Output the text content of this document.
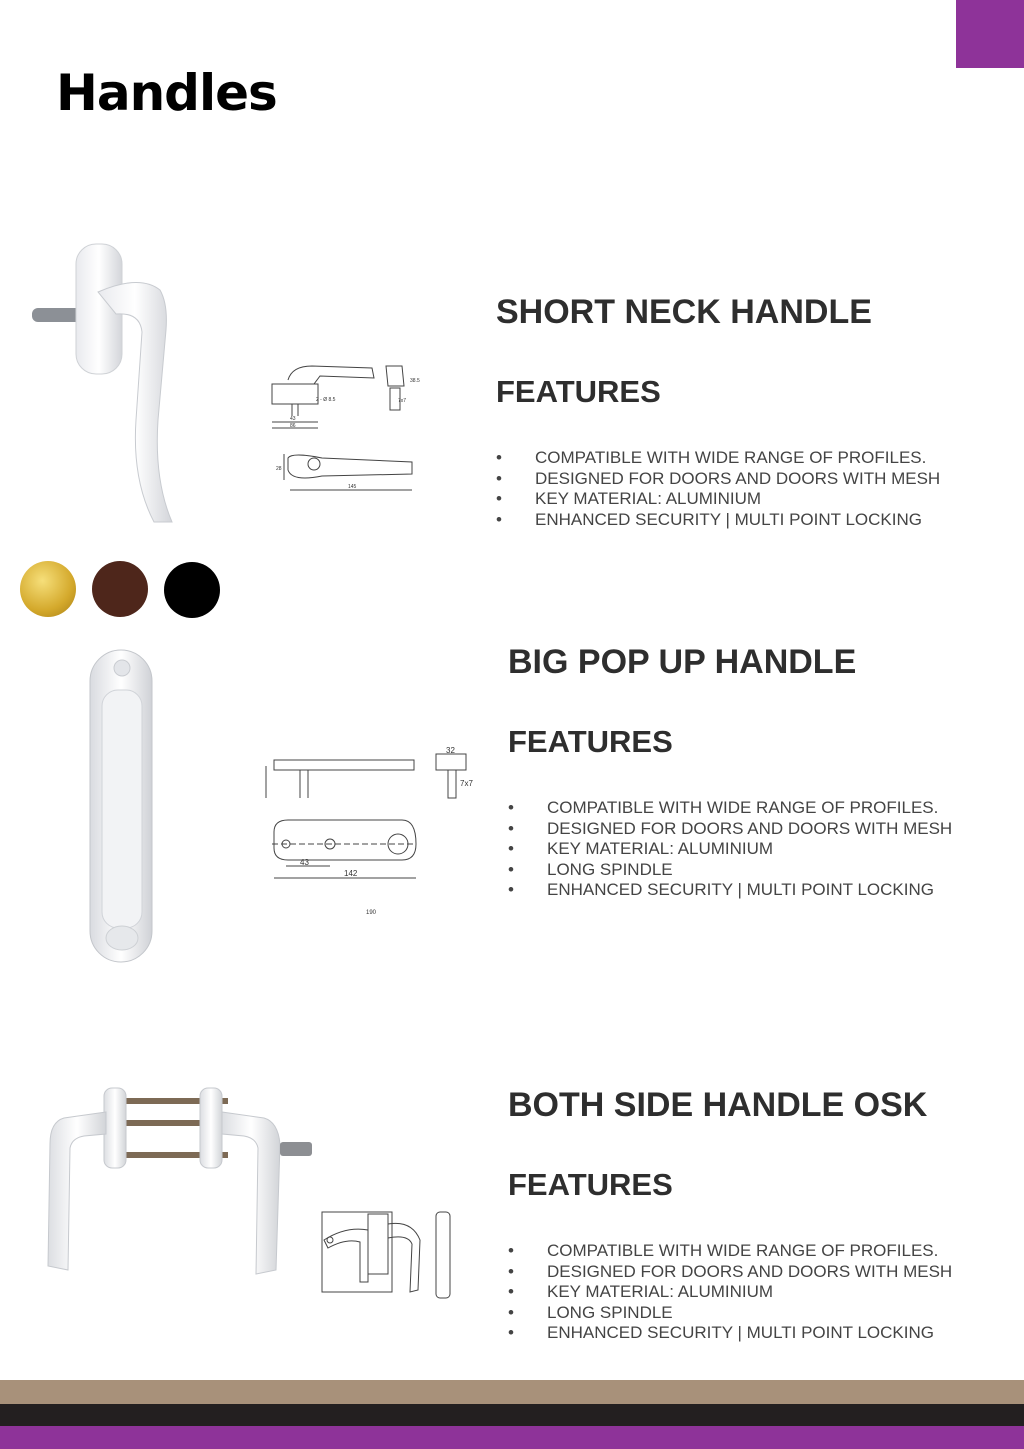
Handles
2 - Ø 8.5
38.5
43
86
7x7
28
145
SHORT NECK HANDLE
FEATURES
• COMPATIBLE WITH WIDE RANGE OF PROFILES.
• DESIGNED FOR DOORS AND DOORS WITH MESH
• KEY MATERIAL: ALUMINIUM
• ENHANCED SECURITY | MULTI POINT LOCKING
32
7x7
43
142
190
BIG POP UP HANDLE
FEATURES
• COMPATIBLE WITH WIDE RANGE OF PROFILES.
• DESIGNED FOR DOORS AND DOORS WITH MESH
• KEY MATERIAL: ALUMINIUM
• LONG SPINDLE
• ENHANCED SECURITY | MULTI POINT LOCKING
BOTH SIDE HANDLE OSK
FEATURES
• COMPATIBLE WITH WIDE RANGE OF PROFILES.
• DESIGNED FOR DOORS AND DOORS WITH MESH
• KEY MATERIAL: ALUMINIUM
• LONG SPINDLE
• ENHANCED SECURITY | MULTI POINT LOCKING
